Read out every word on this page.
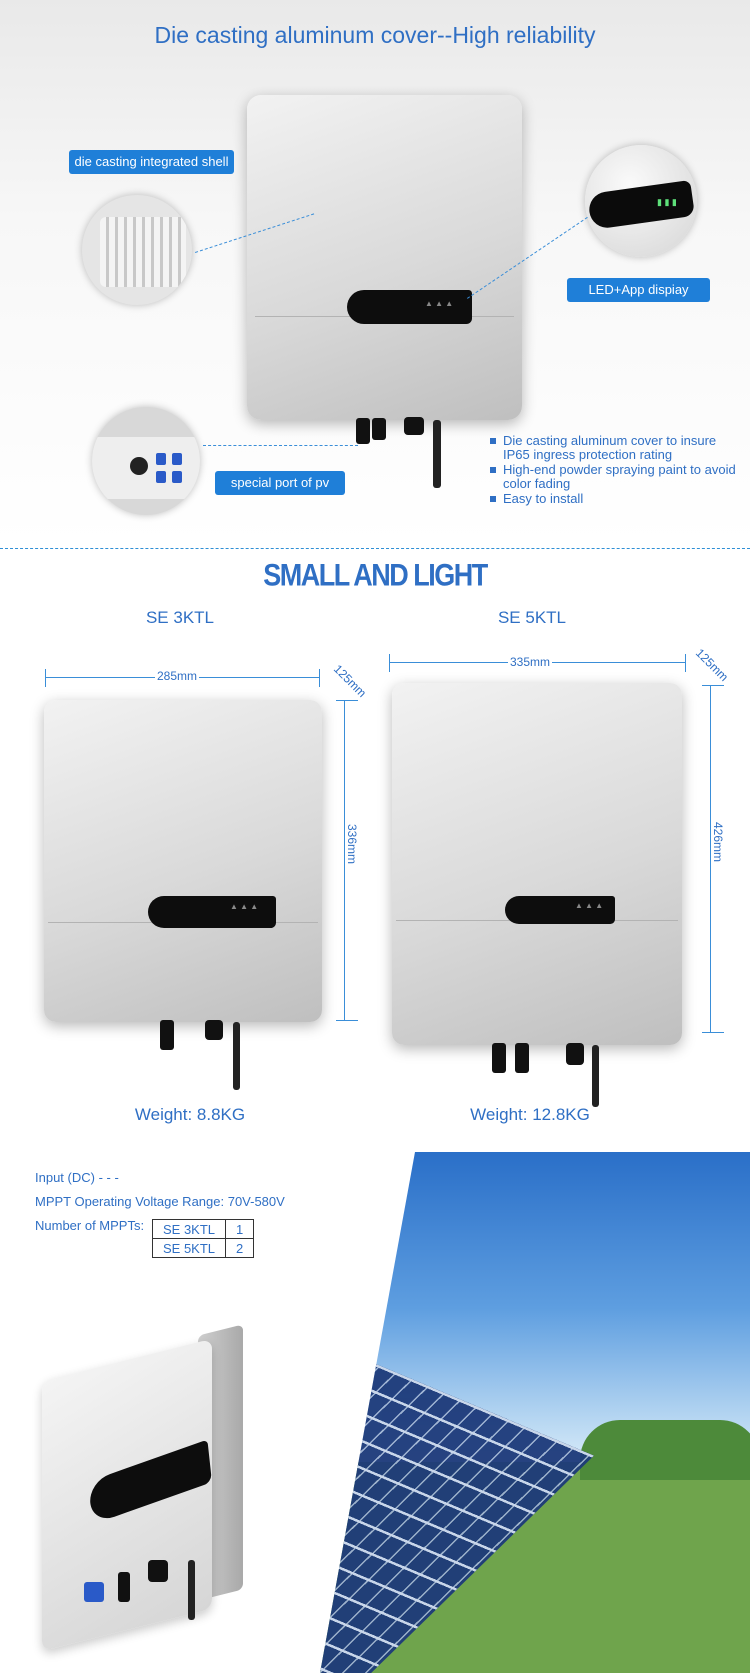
Die casting aluminum cover--High reliability
▲ ▲ ▲
die casting integrated shell
▮ ▮ ▮
LED+App dispiay
special port of pv
Die casting aluminum cover to insure IP65 ingress protection rating
High-end powder spraying paint to avoid color fading
Easy to install
SMALL AND LIGHT
SE 3KTL	SE 5KTL
285mm	125mm
336mm
▲ ▲ ▲
335mm	125mm
426mm
▲ ▲ ▲
Weight: 8.8KG	Weight: 12.8KG
Input (DC) - - -
MPPT Operating Voltage Range: 70V-580V
Number of MPPTs: SE 3KTL	1
SE 5KTL	2
